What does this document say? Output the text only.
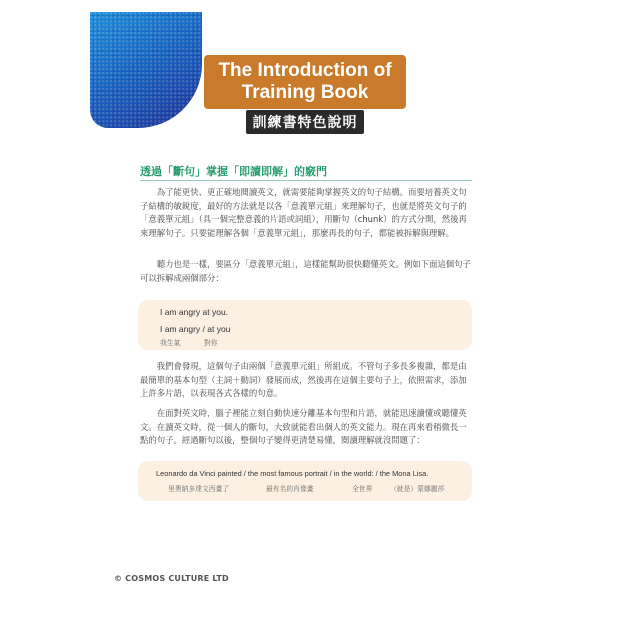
The Introduction of
Training Book
訓練書特色說明
透過「斷句」掌握「即讀即解」的竅門

為了能更快、更正確地閱讀英文，就需要能夠掌握英文的句子結構。而要培養英文句子結構的敏銳度，最好的方法就是以各「意義單元組」來理解句子，也就是將英文句子的「意義單元組」（具一個完整意義的片語或詞組），用斷句（chunk）的方式分開，然後再來理解句子。只要能理解各個「意義單元組」，那麼再長的句子，都能被拆解與理解。

聽力也是一樣，要區分「意義單元組」，這樣能幫助很快聽懂英文。例如下面這個句子可以拆解成兩個部分：

I am angry at you.
I am angry / at you
我生氣	對你

我們會發現，這個句子由兩個「意義單元組」所組成。不管句子多長多複雜，都是由最簡單的基本句型（主詞＋動詞）發展而成，然後再在這個主要句子上，依照需求，添加上許多片語，以表現各式各樣的句意。

在面對英文時，腦子裡能立刻自動快速分離基本句型和片語，就能迅速讀懂或聽懂英文。在讀英文時，從一個人的斷句，大致就能看出個人的英文能力。現在再來看稍微長一點的句子。經過斷句以後，整個句子變得更清楚易懂，閱讀理解就沒問題了：

Leonardo da Vinci painted / the most famous portrait / in the world: / the Mona Lisa.
里奧納多達文西畫了	最有名的肖像畫	全世界	（就是）蒙娜麗莎
© COSMOS CULTURE LTD
